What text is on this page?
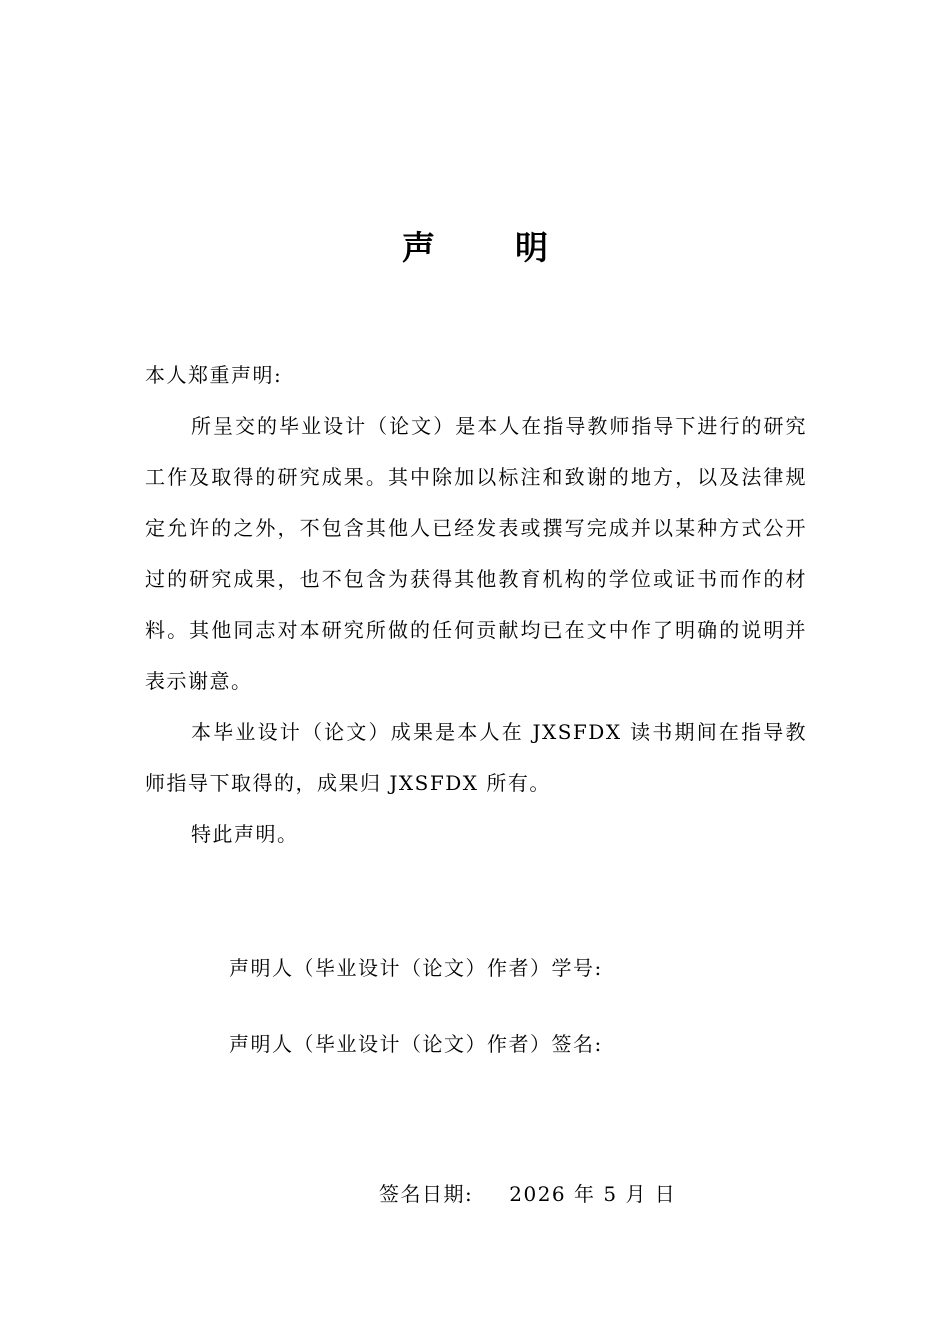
声 明

本人郑重声明:

所呈交的毕业设计（论文）是本人在指导教师指导下进行的研究工作及取得的研究成果。其中除加以标注和致谢的地方，以及法律规定允许的之外，不包含其他人已经发表或撰写完成并以某种方式公开过的研究成果，也不包含为获得其他教育机构的学位或证书而作的材料。其他同志对本研究所做的任何贡献均已在文中作了明确的说明并表示谢意。

本毕业设计（论文）成果是本人在 JXSFDX 读书期间在指导教师指导下取得的，成果归 JXSFDX 所有。

特此声明。

声明人（毕业设计（论文）作者）学号:
声明人（毕业设计（论文）作者）签名:
签名日期: 2026 年 5 月 日
